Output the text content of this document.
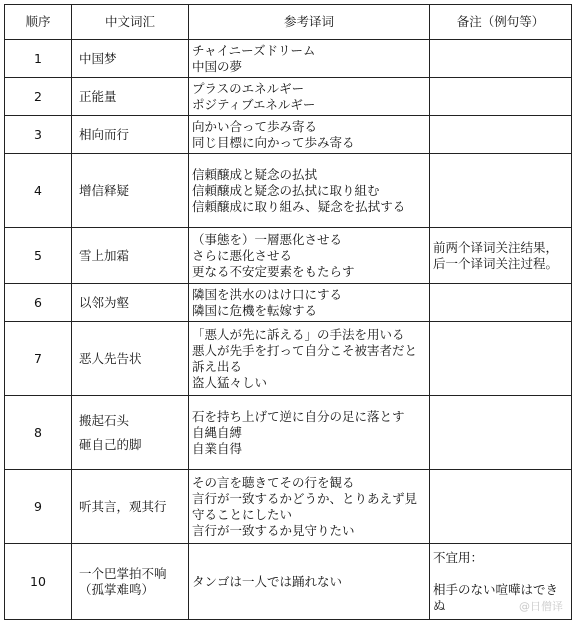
顺序	中文词汇	参考译词	备注（例句等）
1	中国梦	チャイニーズドリーム
中国の夢	

2	正能量	プラスのエネルギー
ポジティブエネルギー	

3	相向而行	向かい合って歩み寄る
同じ目標に向かって歩み寄る	

4	增信释疑	信頼醸成と疑念の払拭
信頼醸成と疑念の払拭に取り組む
信頼醸成に取り組み、疑念を払拭する	

5	雪上加霜	（事態を）一層悪化させる
さらに悪化させる
更なる不安定要素をもたらす	前两个译词关注结果，后一个译词关注过程。

6	以邻为壑	隣国を洪水のはけ口にする
隣国に危機を転嫁する	

7	恶人先告状	「悪人が先に訴える」の手法を用いる
悪人が先手を打って自分こそ被害者だと訴え出る
盗人猛々しい	

8	搬起石头
砸自己的脚	石を持ち上げて逆に自分の足に落とす
自縄自縛
自業自得	

9	听其言，观其行	その言を聴きてその行を観る
言行が一致するかどうか、とりあえず見守ることにしたい
言行が一致するか見守りたい	

10	一个巴掌拍不响
（孤掌难鸣）	タンゴは一人では踊れない	不宜用：
相手のない喧嘩はできぬ	@日僧译
